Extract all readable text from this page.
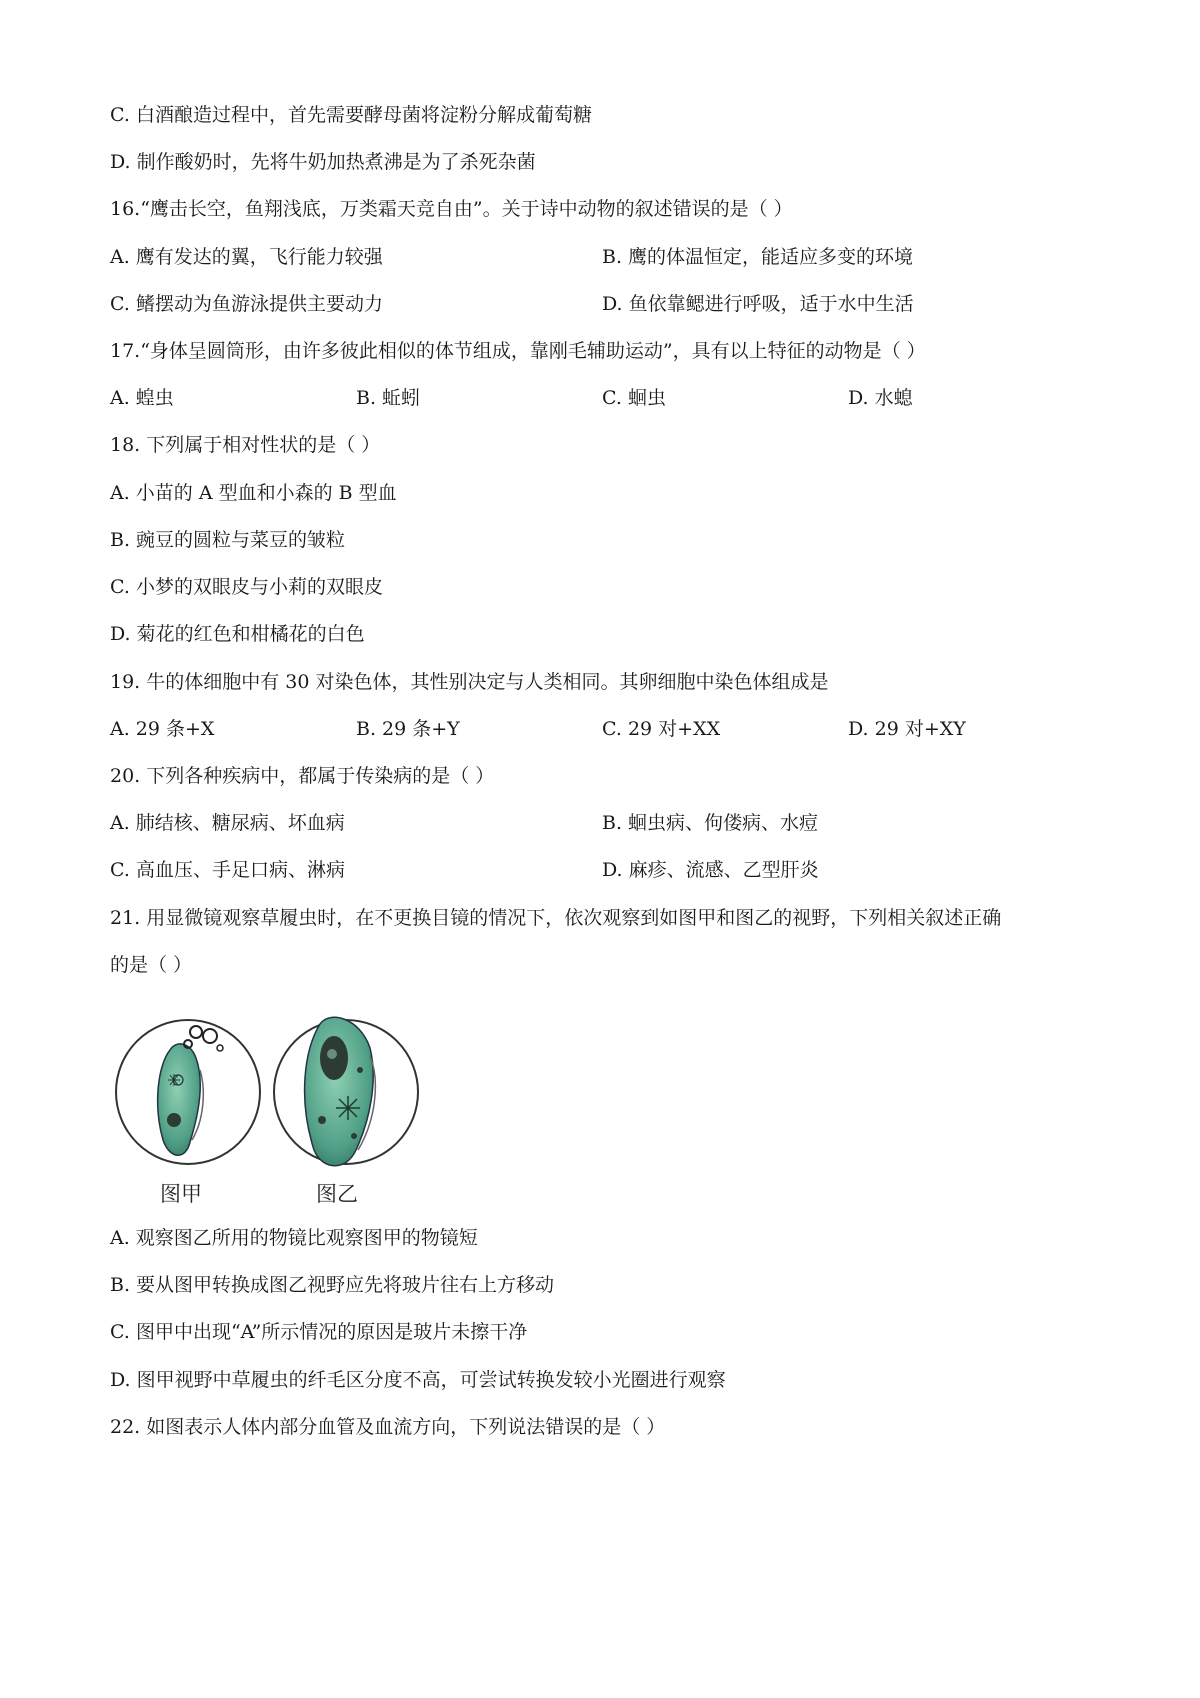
C. 白酒酿造过程中，首先需要酵母菌将淀粉分解成葡萄糖
D. 制作酸奶时，先将牛奶加热煮沸是为了杀死杂菌
16.“鹰击长空，鱼翔浅底，万类霜天竞自由”。关于诗中动物的叙述错误的是（ ）
A. 鹰有发达的翼，飞行能力较强	B. 鹰的体温恒定，能适应多变的环境
C. 鳍摆动为鱼游泳提供主要动力	D. 鱼依靠鳃进行呼吸，适于水中生活
17.“身体呈圆筒形，由许多彼此相似的体节组成，靠刚毛辅助运动”，具有以上特征的动物是（ ）
A. 蝗虫	B. 蚯蚓	C. 蛔虫	D. 水螅
18. 下列属于相对性状的是（ ）
A. 小苗的 A 型血和小森的 B 型血
B. 豌豆的圆粒与菜豆的皱粒
C. 小梦的双眼皮与小莉的双眼皮
D. 菊花的红色和柑橘花的白色
19. 牛的体细胞中有 30 对染色体，其性别决定与人类相同。其卵细胞中染色体组成是
A. 29 条+X	B. 29 条+Y	C. 29 对+XX	D. 29 对+XY
20. 下列各种疾病中，都属于传染病的是（ ）
A. 肺结核、糖尿病、坏血病	B. 蛔虫病、佝偻病、水痘
C. 高血压、手足口病、淋病	D. 麻疹、流感、乙型肝炎
21. 用显微镜观察草履虫时，在不更换目镜的情况下，依次观察到如图甲和图乙的视野，下列相关叙述正确
的是（ ）
图甲	图乙
A. 观察图乙所用的物镜比观察图甲的物镜短
B. 要从图甲转换成图乙视野应先将玻片往右上方移动
C. 图甲中出现“A”所示情况的原因是玻片未擦干净
D. 图甲视野中草履虫的纤毛区分度不高，可尝试转换发较小光圈进行观察
22. 如图表示人体内部分血管及血流方向，下列说法错误的是（ ）
